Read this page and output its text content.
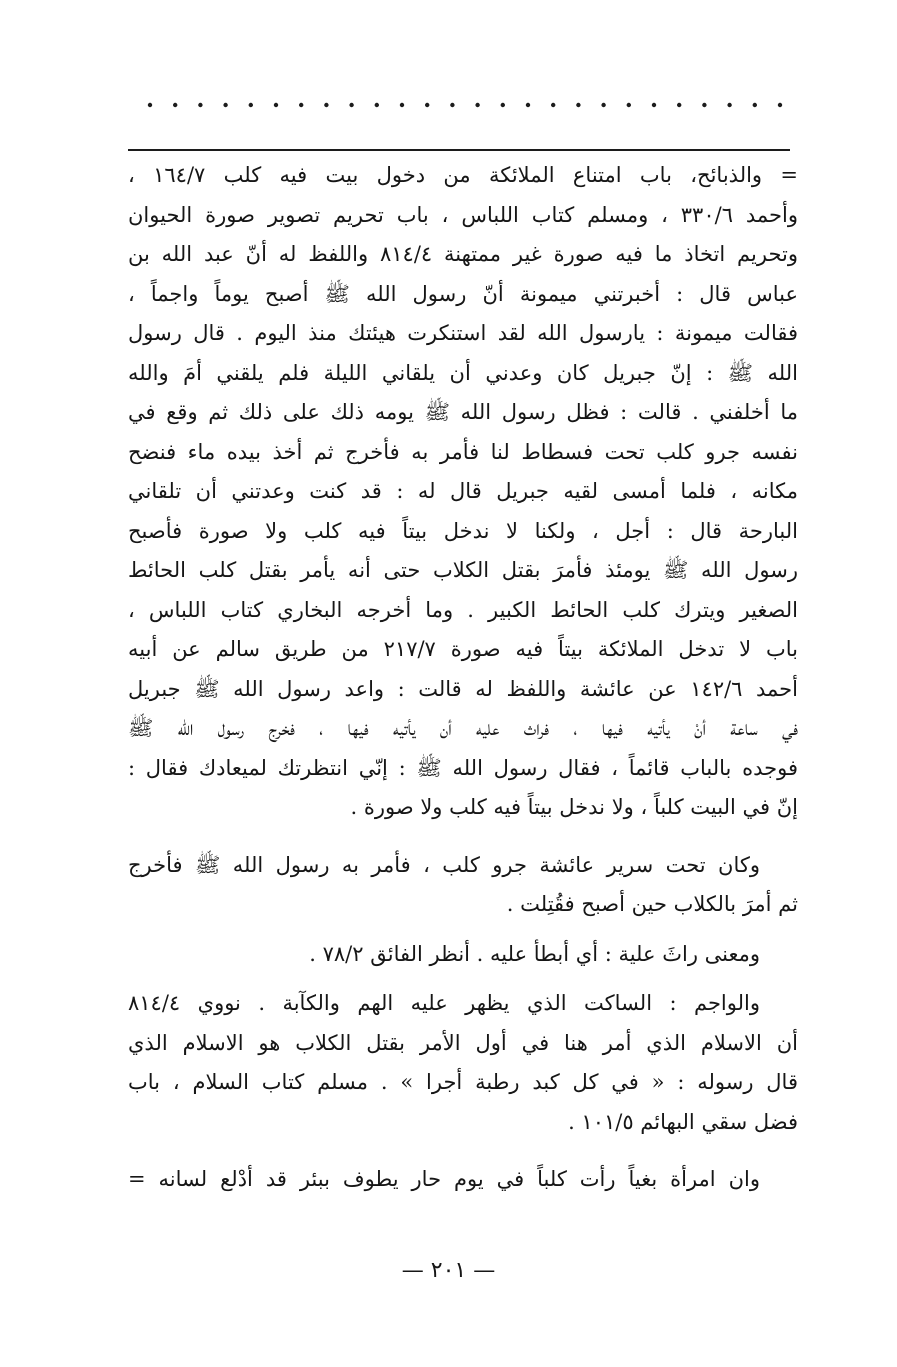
= والذبائح، باب امتناع الملائكة من دخول بيت فيه كلب ١٦٤/٧ ،
وأحمد ٣٣٠/٦ ، ومسلم كتاب اللباس ، باب تحريم تصوير صورة الحيوان
وتحريم اتخاذ ما فيه صورة غير ممتهنة ٨١٤/٤ واللفظ له أنّ عبد الله بن
عباس قال : أخبرتني ميمونة أنّ رسول الله ﷺ أصبح يوماً واجماً ،
فقالت ميمونة : يارسول الله لقد استنكرت هيئتك منذ اليوم . قال رسول
الله ﷺ : إنّ جبريل كان وعدني أن يلقاني الليلة فلم يلقني أمَ والله
ما أخلفني . قالت : فظل رسول الله ﷺ يومه ذلك على ذلك ثم وقع في
نفسه جرو كلب تحت فسطاط لنا فأمر به فأخرج ثم أخذ بيده ماء فنضح
مكانه ، فلما أمسى لقيه جبريل قال له : قد كنت وعدتني أن تلقاني
البارحة قال : أجل ، ولكنا لا ندخل بيتاً فيه كلب ولا صورة فأصبح
رسول الله ﷺ يومئذ فأمرَ بقتل الكلاب حتى أنه يأمر بقتل كلب الحائط
الصغير ويترك كلب الحائط الكبير . وما أخرجه البخاري كتاب اللباس ،
باب لا تدخل الملائكة بيتاً فيه صورة ٢١٧/٧ من طريق سالم عن أبيه
أحمد ١٤٢/٦ عن عائشة واللفظ له قالت : واعد رسول الله ﷺ جبريل
في ساعة أنْ يأتيه فيها ، فراث عليه أن يأتيه فيها ، فخرج رسول الله ﷺ
فوجده بالباب قائماً ، فقال رسول الله ﷺ : إنّي انتظرتك لميعادك فقال :
إنّ في البيت كلباً ، ولا ندخل بيتاً فيه كلب ولا صورة .
وكان تحت سرير عائشة جرو كلب ، فأمر به رسول الله ﷺ فأخرج
ثم أمرَ بالكلاب حين أصبح فقُتِلت .
ومعنى راثَ علية : أي أبطأ عليه . أنظر الفائق ٧٨/٢ .
والواجم : الساكت الذي يظهر عليه الهم والكآبة . نووي ٨١٤/٤
أن الاسلام الذي أمر هنا في أول الأمر بقتل الكلاب هو الاسلام الذي
قال رسوله : « في كل كبد رطبة أجرا » . مسلم كتاب السلام ، باب
فضل سقي البهائم ١٠١/٥ .
وان امرأة بغياً رأت كلباً في يوم حار يطوف ببئر قد أدْلع لسانه =
— ٢٠١ —
